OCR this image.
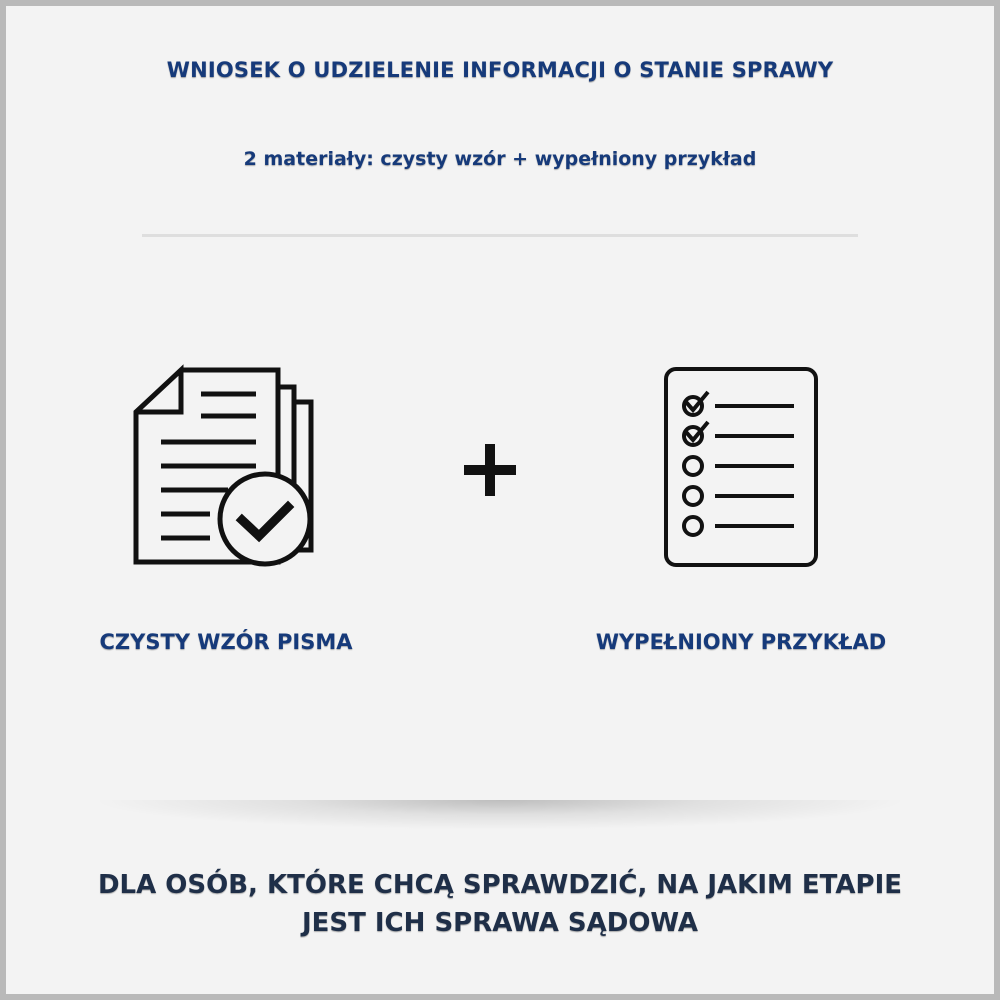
WNIOSEK O UDZIELENIE INFORMACJI O STANIE SPRAWY
2 materiały: czysty wzór + wypełniony przykład
CZYSTY WZÓR PISMA	WYPEŁNIONY PRZYKŁAD
DLA OSÓB, KTÓRE CHCĄ SPRAWDZIĆ, NA JAKIM ETAPIE
JEST ICH SPRAWA SĄDOWA
